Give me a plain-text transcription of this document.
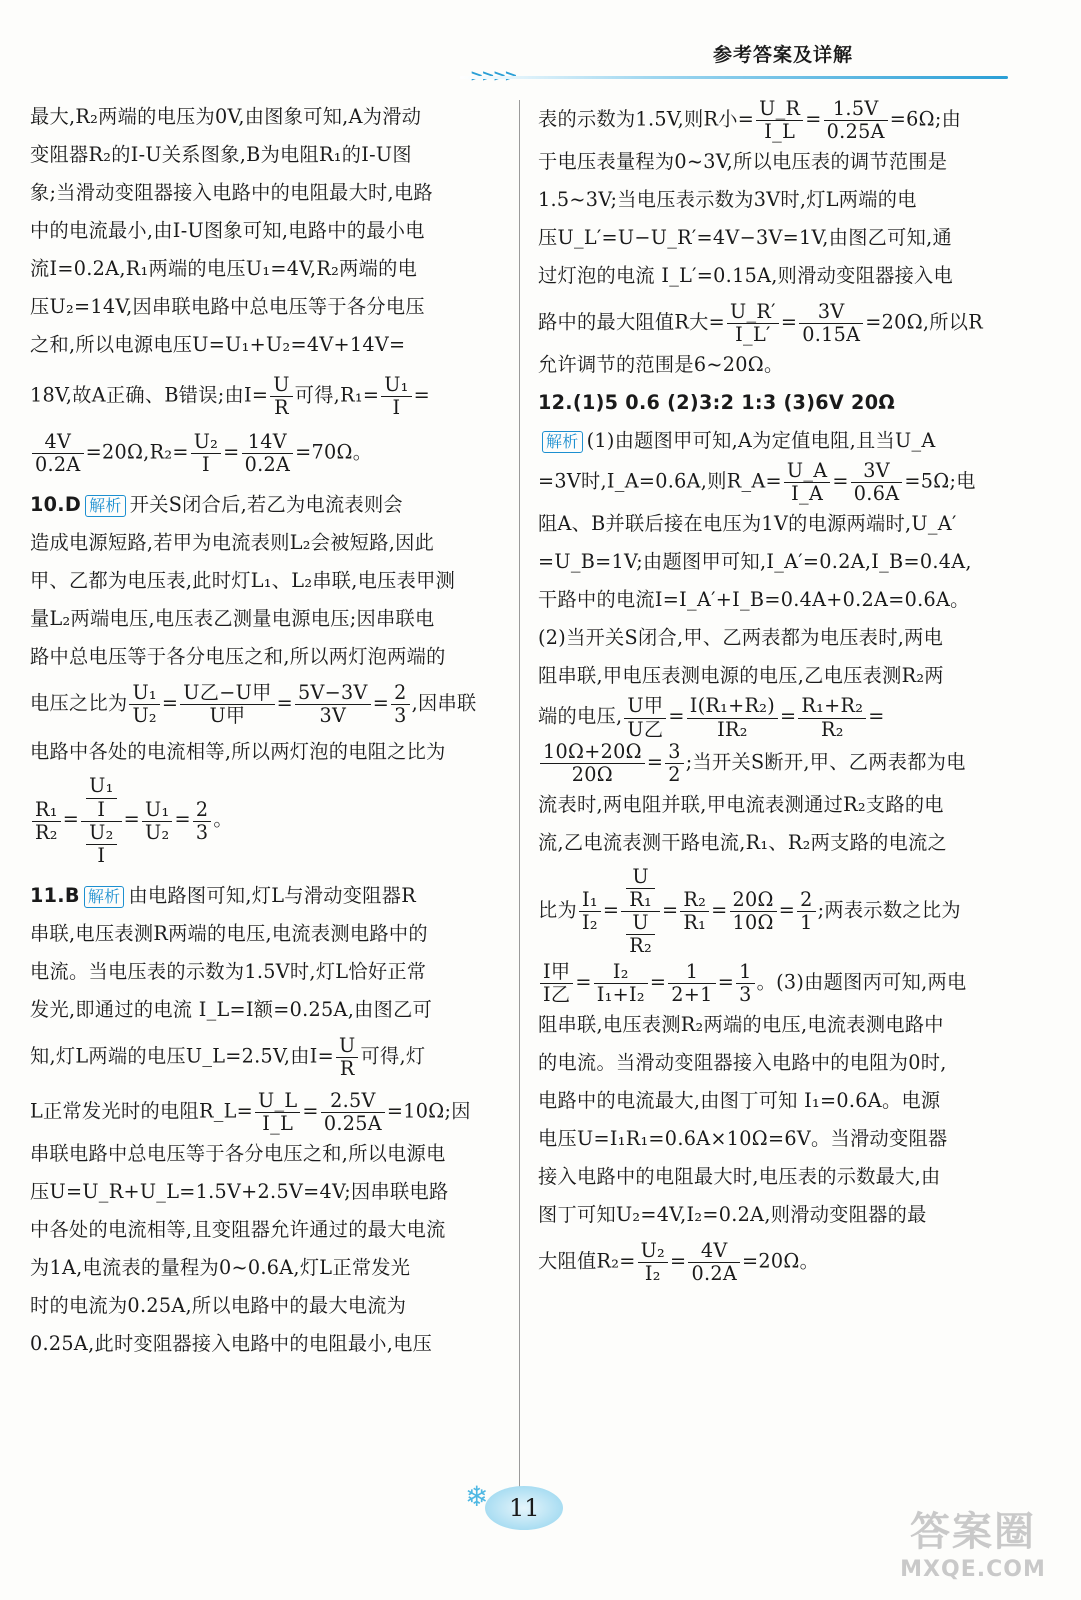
参考答案及详解
最大,R₂两端的电压为0V,由图象可知,A为滑动
变阻器R₂的I-U关系图象,B为电阻R₁的I-U图
象;当滑动变阻器接入电路中的电阻最大时,电路
中的电流最小,由I-U图象可知,电路中的最小电
流I=0.2A,R₁两端的电压U₁=4V,R₂两端的电
压U₂=14V,因串联电路中总电压等于各分电压
之和,所以电源电压U=U₁+U₂=4V+14V=
18V,故A正确、B错误;由$I= \frac{U}{R}$ 可得$,R_1= \frac{\text{U₁}}{I}$ =
$\frac{4V}{0.2A} =20\Omega,R_2= \frac{\text{U₂}}{I} = \frac{14V}{0.2A} =70\Omega$。
10.D 解析 开关S闭合后,若乙为电流表则会
造成电源短路,若甲为电流表则L₂会被短路,因此
甲、乙都为电压表,此时灯L₁、L₂串联,电压表甲测
量L₂两端电压,电压表乙测量电源电压;因串联电
路中总电压等于各分电压之和,所以两灯泡两端的
电压之比为 $\frac{\text{U₁}}{\text{U₂}} = \frac{\text{U乙−U甲}}{\text{U甲}} = \frac{5V-3V}{3V} = \frac{2}{3}$ ,因串联
电路中各处的电流相等,所以两灯泡的电阻之比为
$\frac{\text{R₁}}{\text{R₂}} = \frac{\frac{\text{U₁}}{I}}{\frac{\text{U₂}}{I}} = \frac{\text{U₁}}{\text{U₂}} = \frac{2}{3}$ 。
11.B 解析 由电路图可知,灯L与滑动变阻器R
串联,电压表测R两端的电压,电流表测电路中的
电流。当电压表的示数为1.5V时,灯L恰好正常
发光,即通过的电流 I_L=I额=0.25A,由图乙可
知,灯L两端的电压U_L=2.5V,由$I= \frac{U}{R}$ 可得,灯
L正常发光时的电阻R_L= $\frac{U\_L}{I\_L} = \frac{2.5V}{0.25A} =10\Omega$;因
串联电路中总电压等于各分电压之和,所以电源电
压U=U_R+U_L=1.5V+2.5V=4V;因串联电路
中各处的电流相等,且变阻器允许通过的最大电流
为1A,电流表的量程为0~0.6A,灯L正常发光
时的电流为0.25A,所以电路中的最大电流为
0.25A,此时变阻器接入电路中的电阻最小,电压
表的示数为1.5V,则R小= $\frac{U\_R}{I\_L} = \frac{1.5V}{0.25A} =6\Omega$;由
于电压表量程为0~3V,所以电压表的调节范围是
1.5~3V;当电压表示数为3V时,灯L两端的电
压U_L′=U−U_R′=4V−3V=1V,由图乙可知,通
过灯泡的电流 I_L′=0.15A,则滑动变阻器接入电
路中的最大阻值R大= $\frac{U\_R'}{I\_L'} = \frac{3V}{0.15A} =20\Omega$,所以R
允许调节的范围是6~20Ω。
12.(1)5 0.6 (2)3:2 1:3 (3)6V 20Ω
解析 (1)由题图甲可知,A为定值电阻,且当U_A
=3V时,I_A=0.6A,则R_A= $\frac{U\_A}{I\_A} = \frac{3V}{0.6A} =5\Omega$;电
阻A、B并联后接在电压为1V的电源两端时,U_A′
=U_B=1V;由题图甲可知,I_A′=0.2A,I_B=0.4A,
干路中的电流I=I_A′+I_B=0.4A+0.2A=0.6A。
(2)当开关S闭合,甲、乙两表都为电压表时,两电
阻串联,甲电压表测电源的电压,乙电压表测R₂两
端的电压, $\frac{\text{U甲}}{\text{U乙}} = \frac{\text{I(R₁+R₂)}}{\text{IR₂}} = \frac{\text{R₁+R₂}}{\text{R₂}}$ =
$\frac{10\Omega+20\Omega}{20\Omega} = \frac{3}{2}$ ;当开关S断开,甲、乙两表都为电
流表时,两电阻并联,甲电流表测通过R₂支路的电
流,乙电流表测干路电流,R₁、R₂两支路的电流之
比为 $\frac{\text{I₁}}{\text{I₂}} = \frac{\frac{U}{\text{R₁}}}{\frac{U}{\text{R₂}}} = \frac{\text{R₂}}{\text{R₁}} = \frac{20\Omega}{10\Omega} = \frac{2}{1}$ ;两表示数之比为
$\frac{\text{I甲}}{\text{I乙}} = \frac{\text{I₂}}{\text{I₁+I₂}} = \frac{1}{2+1} = \frac{1}{3}$ 。(3)由题图丙可知,两电
阻串联,电压表测R₂两端的电压,电流表测电路中
的电流。当滑动变阻器接入电路中的电阻为0时,
电路中的电流最大,由图丁可知 I₁=0.6A。电源
电压U=I₁R₁=0.6A×10Ω=6V。当滑动变阻器
接入电路中的电阻最大时,电压表的示数最大,由
图丁可知U₂=4V,I₂=0.2A,则滑动变阻器的最
大阻值$R_2= \frac{\text{U₂}}{\text{I₂}} = \frac{4V}{0.2A} =20\Omega$。
❄ 11
答案圈
MXQE.COM
